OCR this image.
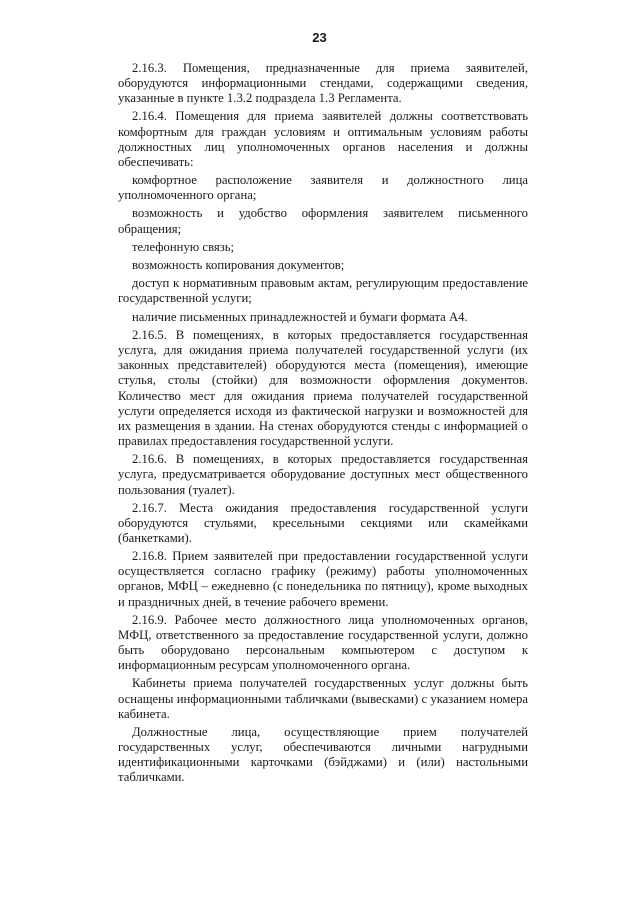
23

2.16.3. Помещения, предназначенные для приема заявителей, оборудуются информационными стендами, содержащими сведения, указанные в пункте 1.3.2 подраздела 1.3 Регламента.

2.16.4. Помещения для приема заявителей должны соответствовать комфортным для граждан условиям и оптимальным условиям работы должностных лиц уполномоченных органов населения и должны обеспечивать:

комфортное расположение заявителя и должностного лица уполномоченного органа;

возможность и удобство оформления заявителем письменного обращения;

телефонную связь;

возможность копирования документов;

доступ к нормативным правовым актам, регулирующим предоставление государственной услуги;

наличие письменных принадлежностей и бумаги формата А4.

2.16.5. В помещениях, в которых предоставляется государственная услуга, для ожидания приема получателей государственной услуги (их законных представителей) оборудуются места (помещения), имеющие стулья, столы (стойки) для возможности оформления документов. Количество мест для ожидания приема получателей государственной услуги определяется исходя из фактической нагрузки и возможностей для их размещения в здании. На стенах оборудуются стенды с информацией о правилах предоставления государственной услуги.

2.16.6. В помещениях, в которых предоставляется государственная услуга, предусматривается оборудование доступных мест общественного пользования (туалет).

2.16.7. Места ожидания предоставления государственной услуги оборудуются стульями, кресельными секциями или скамейками (банкетками).

2.16.8. Прием заявителей при предоставлении государственной услуги осуществляется согласно графику (режиму) работы уполномоченных органов, МФЦ – ежедневно (с понедельника по пятницу), кроме выходных и праздничных дней, в течение рабочего времени.

2.16.9. Рабочее место должностного лица уполномоченных органов, МФЦ, ответственного за предоставление государственной услуги, должно быть оборудовано персональным компьютером с доступом к информационным ресурсам уполномоченного органа.

Кабинеты приема получателей государственных услуг должны быть оснащены информационными табличками (вывесками) с указанием номера кабинета.

Должностные лица, осуществляющие прием получателей государственных услуг, обеспечиваются личными нагрудными идентификационными карточками (бэйджами) и (или) настольными табличками.
